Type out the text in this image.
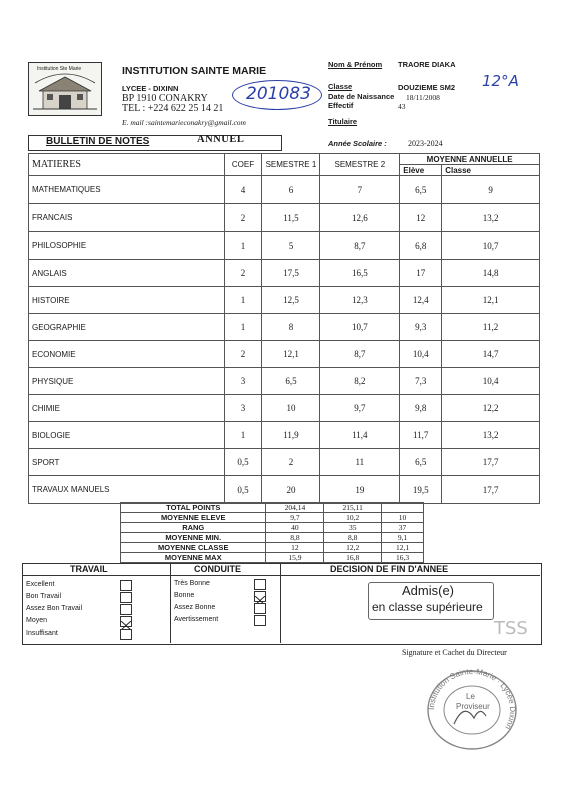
Institution Ste Marie	INSTITUTION SAINTE MARIE
LYCEE - DIXINN
BP 1910 CONAKRY
TEL : +224 622 25 14 21
E. mail :saintemarieconakry@gmail.com
201083
Nom & Prénom TRAORE DIAKA
Classe	DOUZIEME SM2
Date de Naissance 18/11/2008
Effectif	43
Titulaire
12°A
BULLETIN DE NOTES	ANNUEL	Année Scolaire :	2023-2024
MATIERES	COEF	SEMESTRE 1	SEMESTRE 2	MOYENNE ANNUELLE	
				Elève	Classe
MATHEMATIQUES	4	6	7	6,5	9
FRANCAIS	2	11,5	12,6	12	13,2
PHILOSOPHIE	1	5	8,7	6,8	10,7
ANGLAIS	2	17,5	16,5	17	14,8
HISTOIRE	1	12,5	12,3	12,4	12,1
GEOGRAPHIE	1	8	10,7	9,3	11,2
ECONOMIE	2	12,1	8,7	10,4	14,7
PHYSIQUE	3	6,5	8,2	7,3	10,4
CHIMIE	3	10	9,7	9,8	12,2
BIOLOGIE	1	11,9	11,4	11,7	13,2
SPORT	0,5	2	11	6,5	17,7
TRAVAUX MANUELS	0,5	20	19	19,5	17,7
TOTAL POINTS	204,14	215,11	
MOYENNE ELEVE	9,7	10,2	10
RANG	40	35	37
MOYENNE MIN.	8,8	8,8	9,1
MOYENNE CLASSE	12	12,2	12,1
MOYENNE MAX	15,9	16,8	16,3
TRAVAIL	CONDUITE	DECISION DE FIN D'ANNEE
Excellent
Bon Travail
Assez Bon Travail
Moyen
Insuffisant
Très Bonne
Bonne
Assez Bonne
Avertissement
Admis(e)
en classe supérieure
TSS
Signature et Cachet du Directeur
Institution Sainte-Marie · Lycée Dixinn
Le
Proviseur
